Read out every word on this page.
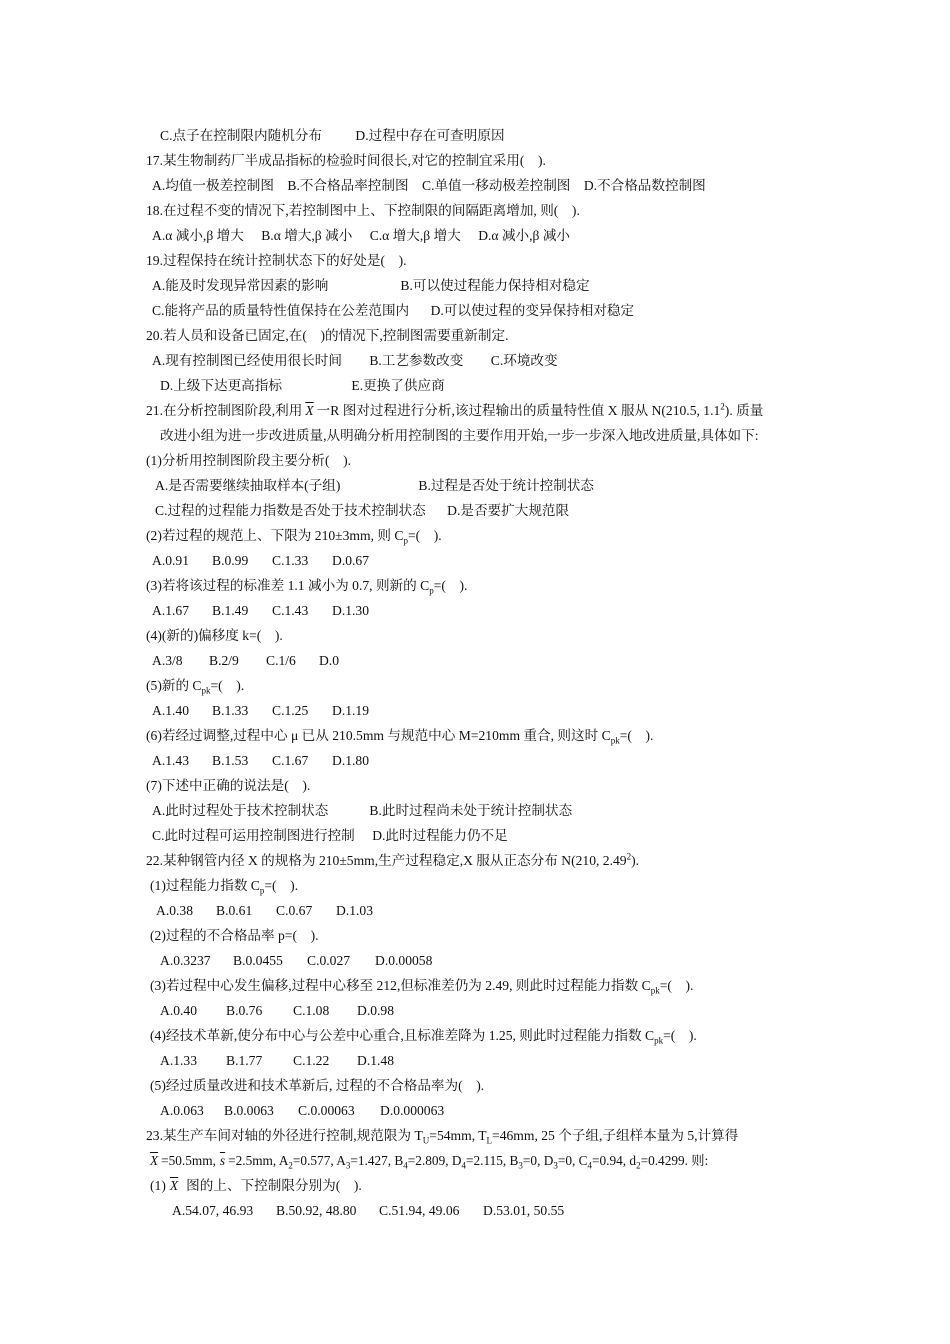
C.点子在控制限内随机分布 D.过程中存在可查明原因
17.某生物制药厂半成品指标的检验时间很长,对它的控制宜采用(　).
A.均值一极差控制图 B.不合格品率控制图 C.单值一移动极差控制图 D.不合格品数控制图
18.在过程不变的情况下,若控制图中上、下控制限的间隔距离增加, 则(　).
A.α 减小,β 增大 B.α 增大,β 减小 C.α 增大,β 增大 D.α 减小,β 减小
19.过程保持在统计控制状态下的好处是(　).
A.能及时发现异常因素的影响	B.可以使过程能力保持相对稳定
C.能将产品的质量特性值保持在公差范围内 D.可以使过程的变异保持相对稳定
20.若人员和设备已固定,在(　)的情况下,控制图需要重新制定.
A.现有控制图已经使用很长时间 B.工艺参数改变 C.环境改变
D.上级下达更高指标	E.更换了供应商
21.在分析控制图阶段,利用 $\overline{X}$ 一R 图对过程进行分析,该过程输出的质量特性值 X 服从 N(210.5, $1.1^2$). 质量
改进小组为进一步改进质量,从明确分析用控制图的主要作用开始,一步一步深入地改进质量,具体如下:
(1)分析用控制图阶段主要分析(　).
A.是否需要继续抽取样本(子组)	B.过程是否处于统计控制状态
C.过程的过程能力指数是否处于技术控制状态 D.是否要扩大规范限
(2)若过程的规范上、下限为 210±3mm, 则 $C_p=$(　).
A.0.91 B.0.99 C.1.33 D.0.67
(3)若将该过程的标准差 1.1 减小为 0.7, 则新的 $C_p=$(　).
A.1.67 B.1.49 C.1.43 D.1.30
(4)(新的)偏移度 k=(　).
A.3/8 B.2/9 C.1/6 D.0
(5)新的 $C_{pk}=$(　).
A.1.40 B.1.33 C.1.25 D.1.19
(6)若经过调整,过程中心 μ 已从 210.5mm 与规范中心 M=210mm 重合, 则这时 $C_{pk}=$(　).
A.1.43 B.1.53 C.1.67 D.1.80
(7)下述中正确的说法是(　).
A.此时过程处于技术控制状态	B.此时过程尚未处于统计控制状态
C.此时过程可运用控制图进行控制 D.此时过程能力仍不足
22.某种钢管内径 X 的规格为 210±5mm,生产过程稳定,X 服从正态分布 N(210, 2.49$^2$).
(1)过程能力指数 $C_p=$(　).
A.0.38 B.0.61 C.0.67 D.1.03
(2)过程的不合格品率 p=(　).
A.0.3237 B.0.0455 C.0.027 D.0.00058
(3)若过程中心发生偏移,过程中心移至 212,但标准差仍为 2.49, 则此时过程能力指数 $C_{pk}=$(　).
A.0.40 B.0.76 C.1.08 D.0.98
(4)经技术革新,使分布中心与公差中心重合,且标准差降为 1.25, 则此时过程能力指数 $C_{pk}=$(　).
A.1.33 B.1.77 C.1.22 D.1.48
(5)经过质量改进和技术革新后, 过程的不合格品率为(　).
A.0.063 B.0.0063 C.0.00063 D.0.000063
23.某生产车间对轴的外径进行控制,规范限为 $T_U=54mm$, $T_L=46mm$, 25 个子组,子组样本量为 5,计算得
$\overline{X} =50.5mm$, $\overline{s} =2.5mm$, $A_2=0.577$, $A_3=1.427$, $B_4=2.809$, $D_4=2.115$, $B_3=0$, $D_3=0$, $C_4=0.94$, $d_2=0.4299$. 则:
(1) $\overline{X}$ 图的上、下控制限分别为(　).
A.54.07, 46.93 B.50.92, 48.80 C.51.94, 49.06 D.53.01, 50.55
